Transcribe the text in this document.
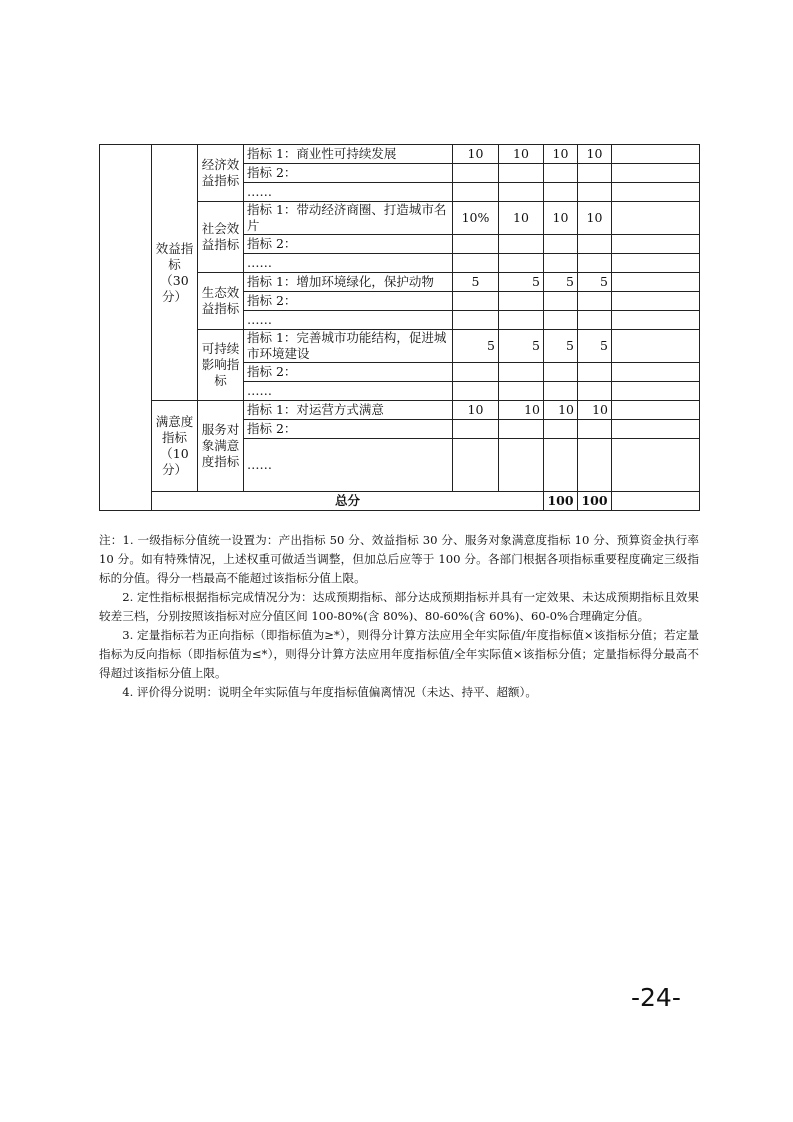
	效益指标（30分）	经济效益指标	指标 1：商业性可持续发展	10	10	10	10	
			指标 2：					
			……					
		社会效益指标	指标 1：带动经济商圈、打造城市名片	10%	10	10	10	
			指标 2：					
			……					
		生态效益指标	指标 1：增加环境绿化，保护动物	5	5	5	5	
			指标 2：					
			……					
		可持续影响指标	指标 1：完善城市功能结构，促进城市环境建设	5	5	5	5	
			指标 2：					
			……					
	满意度指标（10分）	服务对象满意度指标	指标 1：对运营方式满意	10	10	10	10	
			指标 2：					
			……					
	总分					100	100	

注：1. 一级指标分值统一设置为：产出指标 50 分、效益指标 30 分、服务对象满意度指标 10 分、预算资金执行率 10 分。如有特殊情况，上述权重可做适当调整，但加总后应等于 100 分。各部门根据各项指标重要程度确定三级指标的分值。得分一档最高不能超过该指标分值上限。

2. 定性指标根据指标完成情况分为：达成预期指标、部分达成预期指标并具有一定效果、未达成预期指标且效果较差三档，分别按照该指标对应分值区间 100-80%(含 80%)、80-60%(含 60%)、60-0%合理确定分值。

3. 定量指标若为正向指标（即指标值为≥*），则得分计算方法应用全年实际值/年度指标值×该指标分值；若定量指标为反向指标（即指标值为≤*），则得分计算方法应用年度指标值/全年实际值×该指标分值；定量指标得分最高不得超过该指标分值上限。

4. 评价得分说明：说明全年实际值与年度指标值偏离情况（未达、持平、超额）。

-24-
